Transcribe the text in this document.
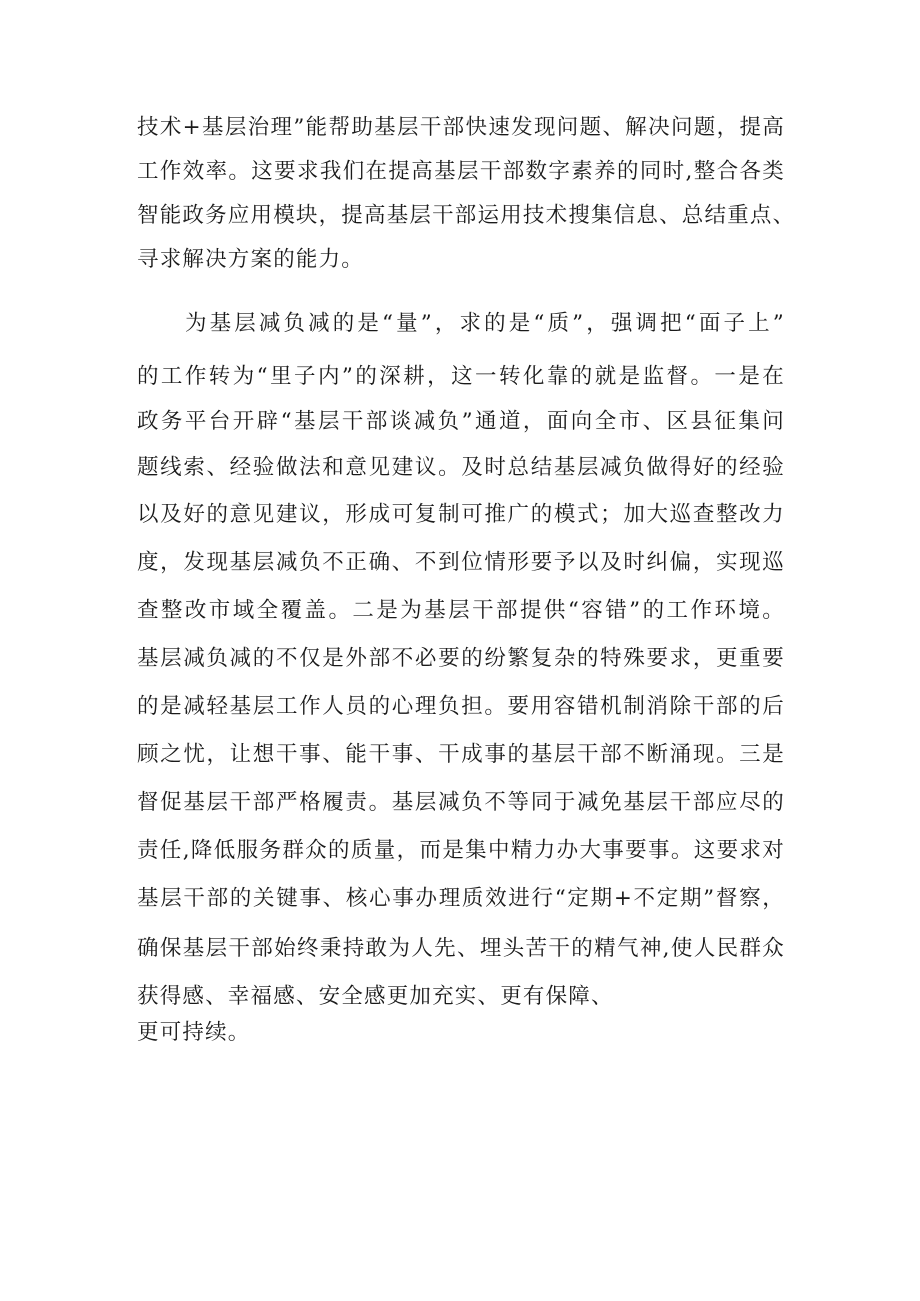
技术+基层治理”能帮助基层干部快速发现问题、解决问题，提高
工作效率。这要求我们在提高基层干部数字素养的同时,整合各类
智能政务应用模块，提高基层干部运用技术搜集信息、总结重点、
寻求解决方案的能力。
为基层减负减的是“量”，求的是“质”，强调把“面子上”
的工作转为“里子内”的深耕，这一转化靠的就是监督。一是在
政务平台开辟“基层干部谈减负”通道，面向全市、区县征集问
题线索、经验做法和意见建议。及时总结基层减负做得好的经验
以及好的意见建议，形成可复制可推广的模式；加大巡查整改力
度，发现基层减负不正确、不到位情形要予以及时纠偏，实现巡
查整改市域全覆盖。二是为基层干部提供“容错”的工作环境。
基层减负减的不仅是外部不必要的纷繁复杂的特殊要求，更重要
的是减轻基层工作人员的心理负担。要用容错机制消除干部的后
顾之忧，让想干事、能干事、干成事的基层干部不断涌现。三是
督促基层干部严格履责。基层减负不等同于减免基层干部应尽的
责任,降低服务群众的质量，而是集中精力办大事要事。这要求对
基层干部的关键事、核心事办理质效进行“定期+不定期”督察，
确保基层干部始终秉持敢为人先、埋头苦干的精气神,使人民群众
获得感、幸福感、安全感更加充实、更有保障、
更可持续。
